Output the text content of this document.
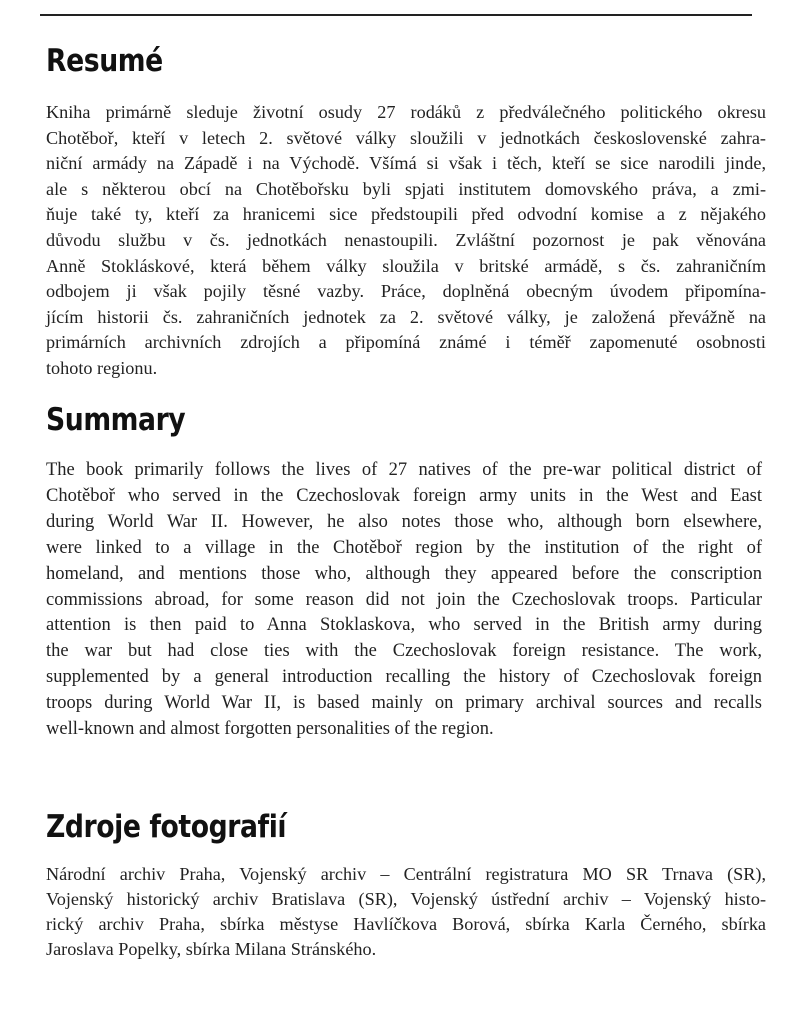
Resumé

Kniha primárně sleduje životní osudy 27 rodáků z předválečného politického okresu
Chotěboř, kteří v letech 2. světové války sloužili v jednotkách československé zahra-
niční armády na Západě i na Východě. Všímá si však i těch, kteří se sice narodili jinde,
ale s některou obcí na Chotěbořsku byli spjati institutem domovského práva, a zmi-
ňuje také ty, kteří za hranicemi sice předstoupili před odvodní komise a z nějakého
důvodu službu v čs. jednotkách nenastoupili. Zvláštní pozornost je pak věnována
Anně Stokláskové, která během války sloužila v britské armádě, s čs. zahraničním
odbojem ji však pojily těsné vazby. Práce, doplněná obecným úvodem připomína-
jícím historii čs. zahraničních jednotek za 2. světové války, je založená převážně na
primárních archivních zdrojích a připomíná známé i téměř zapomenuté osobnosti
tohoto regionu.

Summary

The book primarily follows the lives of 27 natives of the pre-war political district of
Chotěboř who served in the Czechoslovak foreign army units in the West and East
during World War II. However, he also notes those who, although born elsewhere,
were linked to a village in the Chotěboř region by the institution of the right of
homeland, and mentions those who, although they appeared before the conscription
commissions abroad, for some reason did not join the Czechoslovak troops. Particular
attention is then paid to Anna Stoklaskova, who served in the British army during
the war but had close ties with the Czechoslovak foreign resistance. The work,
supplemented by a general introduction recalling the history of Czechoslovak foreign
troops during World War II, is based mainly on primary archival sources and recalls
well-known and almost forgotten personalities of the region.

Zdroje fotografií

Národní archiv Praha, Vojenský archiv – Centrální registratura MO SR Trnava (SR),
Vojenský historický archiv Bratislava (SR), Vojenský ústřední archiv – Vojenský histo-
rický archiv Praha, sbírka městyse Havlíčkova Borová, sbírka Karla Černého, sbírka
Jaroslava Popelky, sbírka Milana Stránského.
